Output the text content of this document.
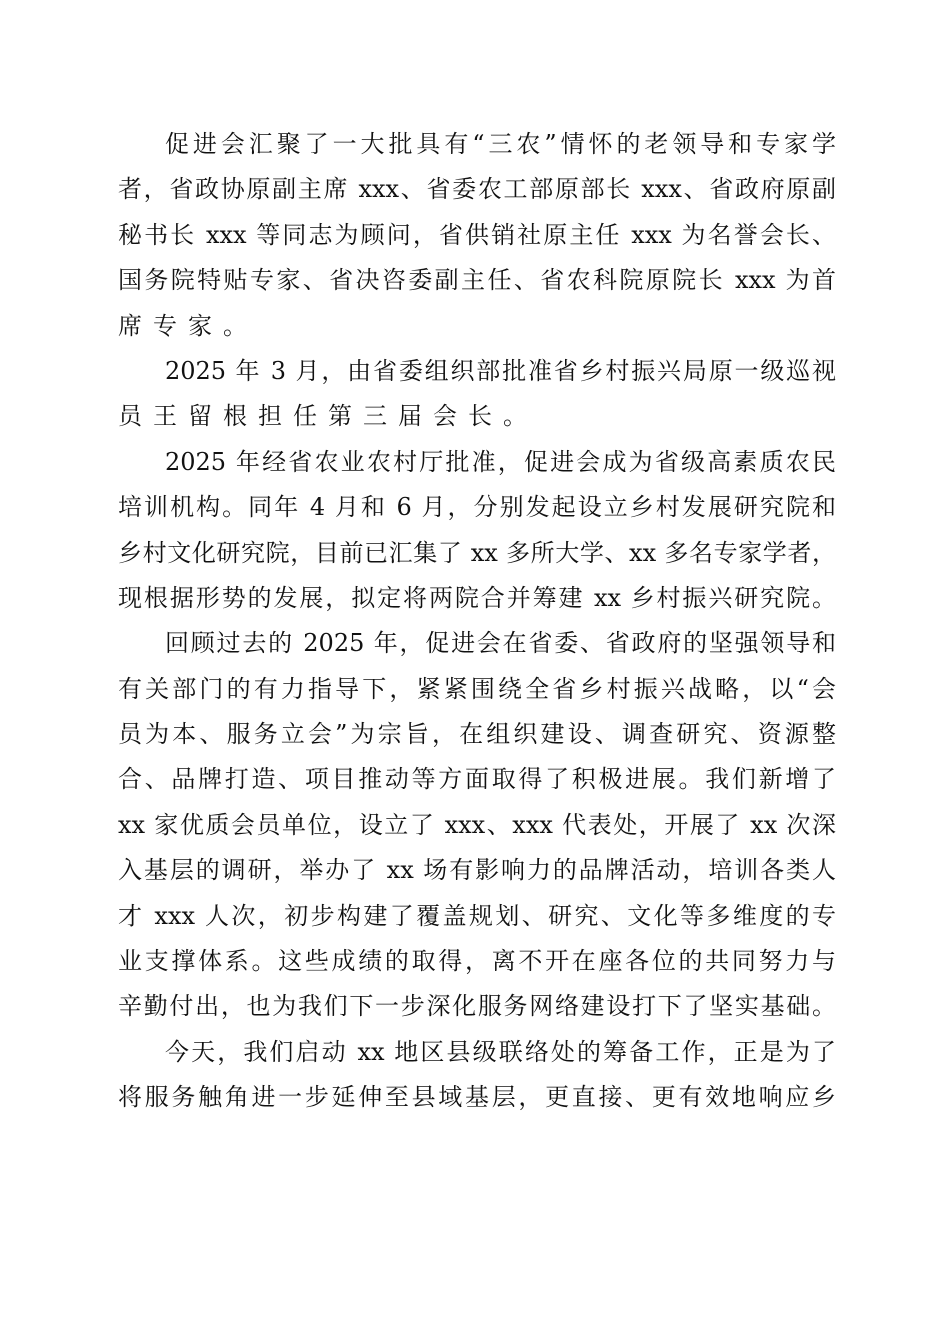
促进会汇聚了一大批具有“三农”情怀的老领导和专家学
者，省政协原副主席 xxx、省委农工部原部长 xxx、省政府原副
秘书长 xxx 等同志为顾问，省供销社原主任 xxx 为名誉会长、
国务院特贴专家、省决咨委副主任、省农科院原院长 xxx 为首
席专家。
2025 年 3 月，由省委组织部批准省乡村振兴局原一级巡视
员王留根担任第三届会长。
2025 年经省农业农村厅批准，促进会成为省级高素质农民
培训机构。同年 4 月和 6 月，分别发起设立乡村发展研究院和
乡村文化研究院，目前已汇集了 xx 多所大学、xx 多名专家学者，
现根据形势的发展，拟定将两院合并筹建 xx 乡村振兴研究院。
回顾过去的 2025 年，促进会在省委、省政府的坚强领导和
有关部门的有力指导下，紧紧围绕全省乡村振兴战略，以“会
员为本、服务立会”为宗旨，在组织建设、调查研究、资源整
合、品牌打造、项目推动等方面取得了积极进展。我们新增了
xx 家优质会员单位，设立了 xxx、xxx 代表处，开展了 xx 次深
入基层的调研，举办了 xx 场有影响力的品牌活动，培训各类人
才 xxx 人次，初步构建了覆盖规划、研究、文化等多维度的专
业支撑体系。这些成绩的取得，离不开在座各位的共同努力与
辛勤付出，也为我们下一步深化服务网络建设打下了坚实基础。
今天，我们启动 xx 地区县级联络处的筹备工作，正是为了
将服务触角进一步延伸至县域基层，更直接、更有效地响应乡
